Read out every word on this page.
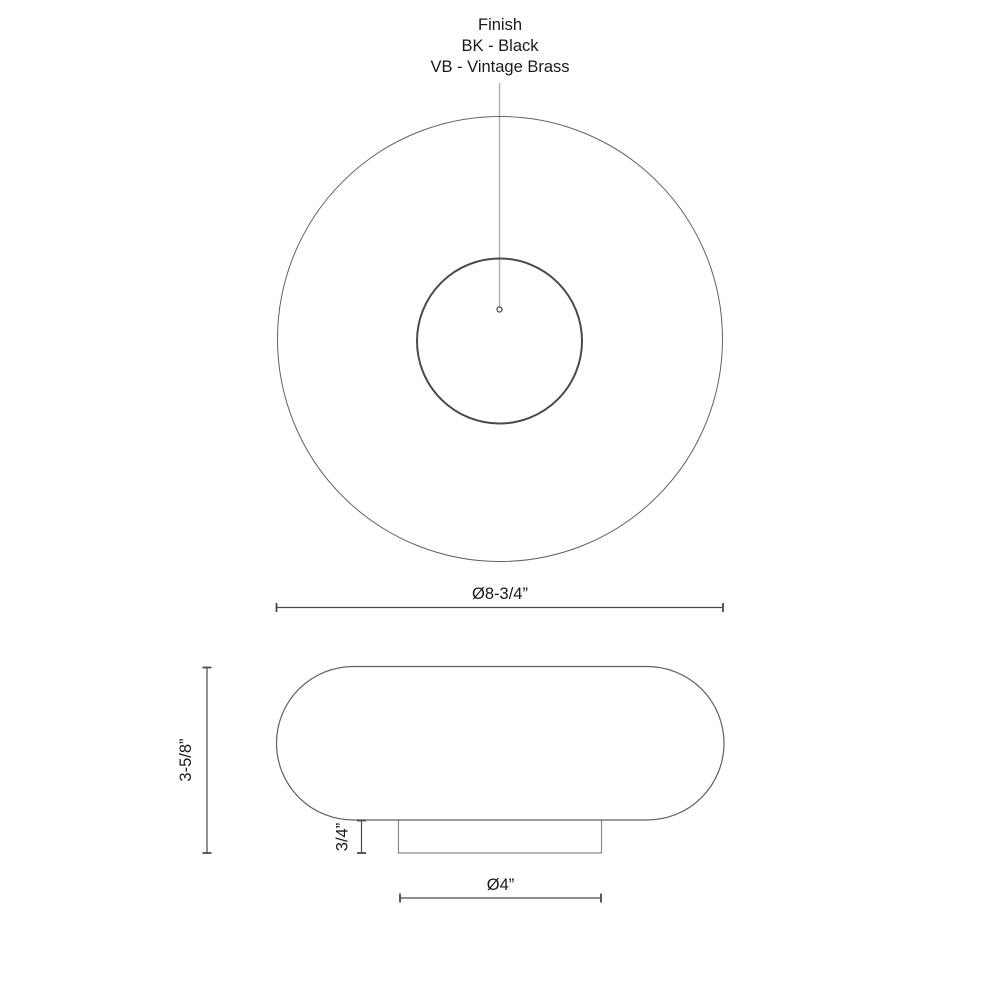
Finish
BK - Black
VB - Vintage Brass
Ø8-3/4”
3-5/8”
3/4”
Ø4”
